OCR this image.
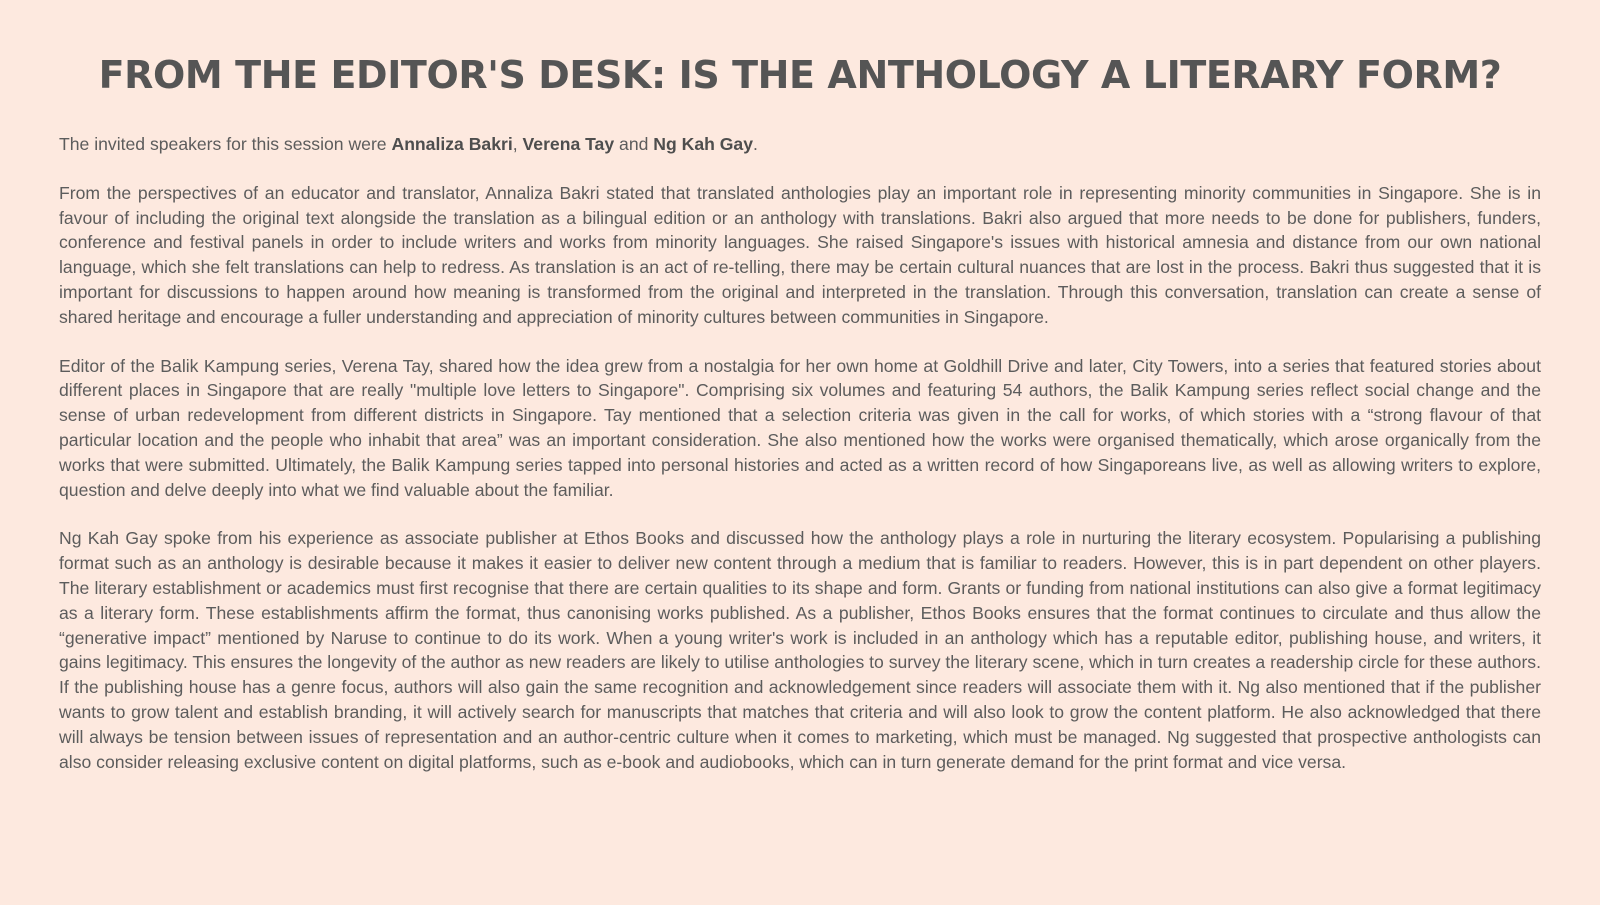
FROM THE EDITOR'S DESK: IS THE ANTHOLOGY A LITERARY FORM?

The invited speakers for this session were Annaliza Bakri, Verena Tay and Ng Kah Gay.

From the perspectives of an educator and translator, Annaliza Bakri stated that translated anthologies play an important role in representing minority communities in Singapore. She is in favour of including the original text alongside the translation as a bilingual edition or an anthology with translations. Bakri also argued that more needs to be done for publishers, funders, conference and festival panels in order to include writers and works from minority languages. She raised Singapore's issues with historical amnesia and distance from our own national language, which she felt translations can help to redress. As translation is an act of re-telling, there may be certain cultural nuances that are lost in the process. Bakri thus suggested that it is important for discussions to happen around how meaning is transformed from the original and interpreted in the translation. Through this conversation, translation can create a sense of shared heritage and encourage a fuller understanding and appreciation of minority cultures between communities in Singapore.

Editor of the Balik Kampung series, Verena Tay, shared how the idea grew from a nostalgia for her own home at Goldhill Drive and later, City Towers, into a series that featured stories about different places in Singapore that are really "multiple love letters to Singapore". Comprising six volumes and featuring 54 authors, the Balik Kampung series reflect social change and the sense of urban redevelopment from different districts in Singapore. Tay mentioned that a selection criteria was given in the call for works, of which stories with a “strong flavour of that particular location and the people who inhabit that area” was an important consideration. She also mentioned how the works were organised thematically, which arose organically from the works that were submitted. Ultimately, the Balik Kampung series tapped into personal histories and acted as a written record of how Singaporeans live, as well as allowing writers to explore, question and delve deeply into what we find valuable about the familiar.

Ng Kah Gay spoke from his experience as associate publisher at Ethos Books and discussed how the anthology plays a role in nurturing the literary ecosystem. Popularising a publishing format such as an anthology is desirable because it makes it easier to deliver new content through a medium that is familiar to readers. However, this is in part dependent on other players. The literary establishment or academics must first recognise that there are certain qualities to its shape and form. Grants or funding from national institutions can also give a format legitimacy as a literary form. These establishments affirm the format, thus canonising works published. As a publisher, Ethos Books ensures that the format continues to circulate and thus allow the “generative impact” mentioned by Naruse to continue to do its work. When a young writer's work is included in an anthology which has a reputable editor, publishing house, and writers, it gains legitimacy. This ensures the longevity of the author as new readers are likely to utilise anthologies to survey the literary scene, which in turn creates a readership circle for these authors. If the publishing house has a genre focus, authors will also gain the same recognition and acknowledgement since readers will associate them with it. Ng also mentioned that if the publisher wants to grow talent and establish branding, it will actively search for manuscripts that matches that criteria and will also look to grow the content platform. He also acknowledged that there will always be tension between issues of representation and an author-centric culture when it comes to marketing, which must be managed. Ng suggested that prospective anthologists can also consider releasing exclusive content on digital platforms, such as e-book and audiobooks, which can in turn generate demand for the print format and vice versa.
